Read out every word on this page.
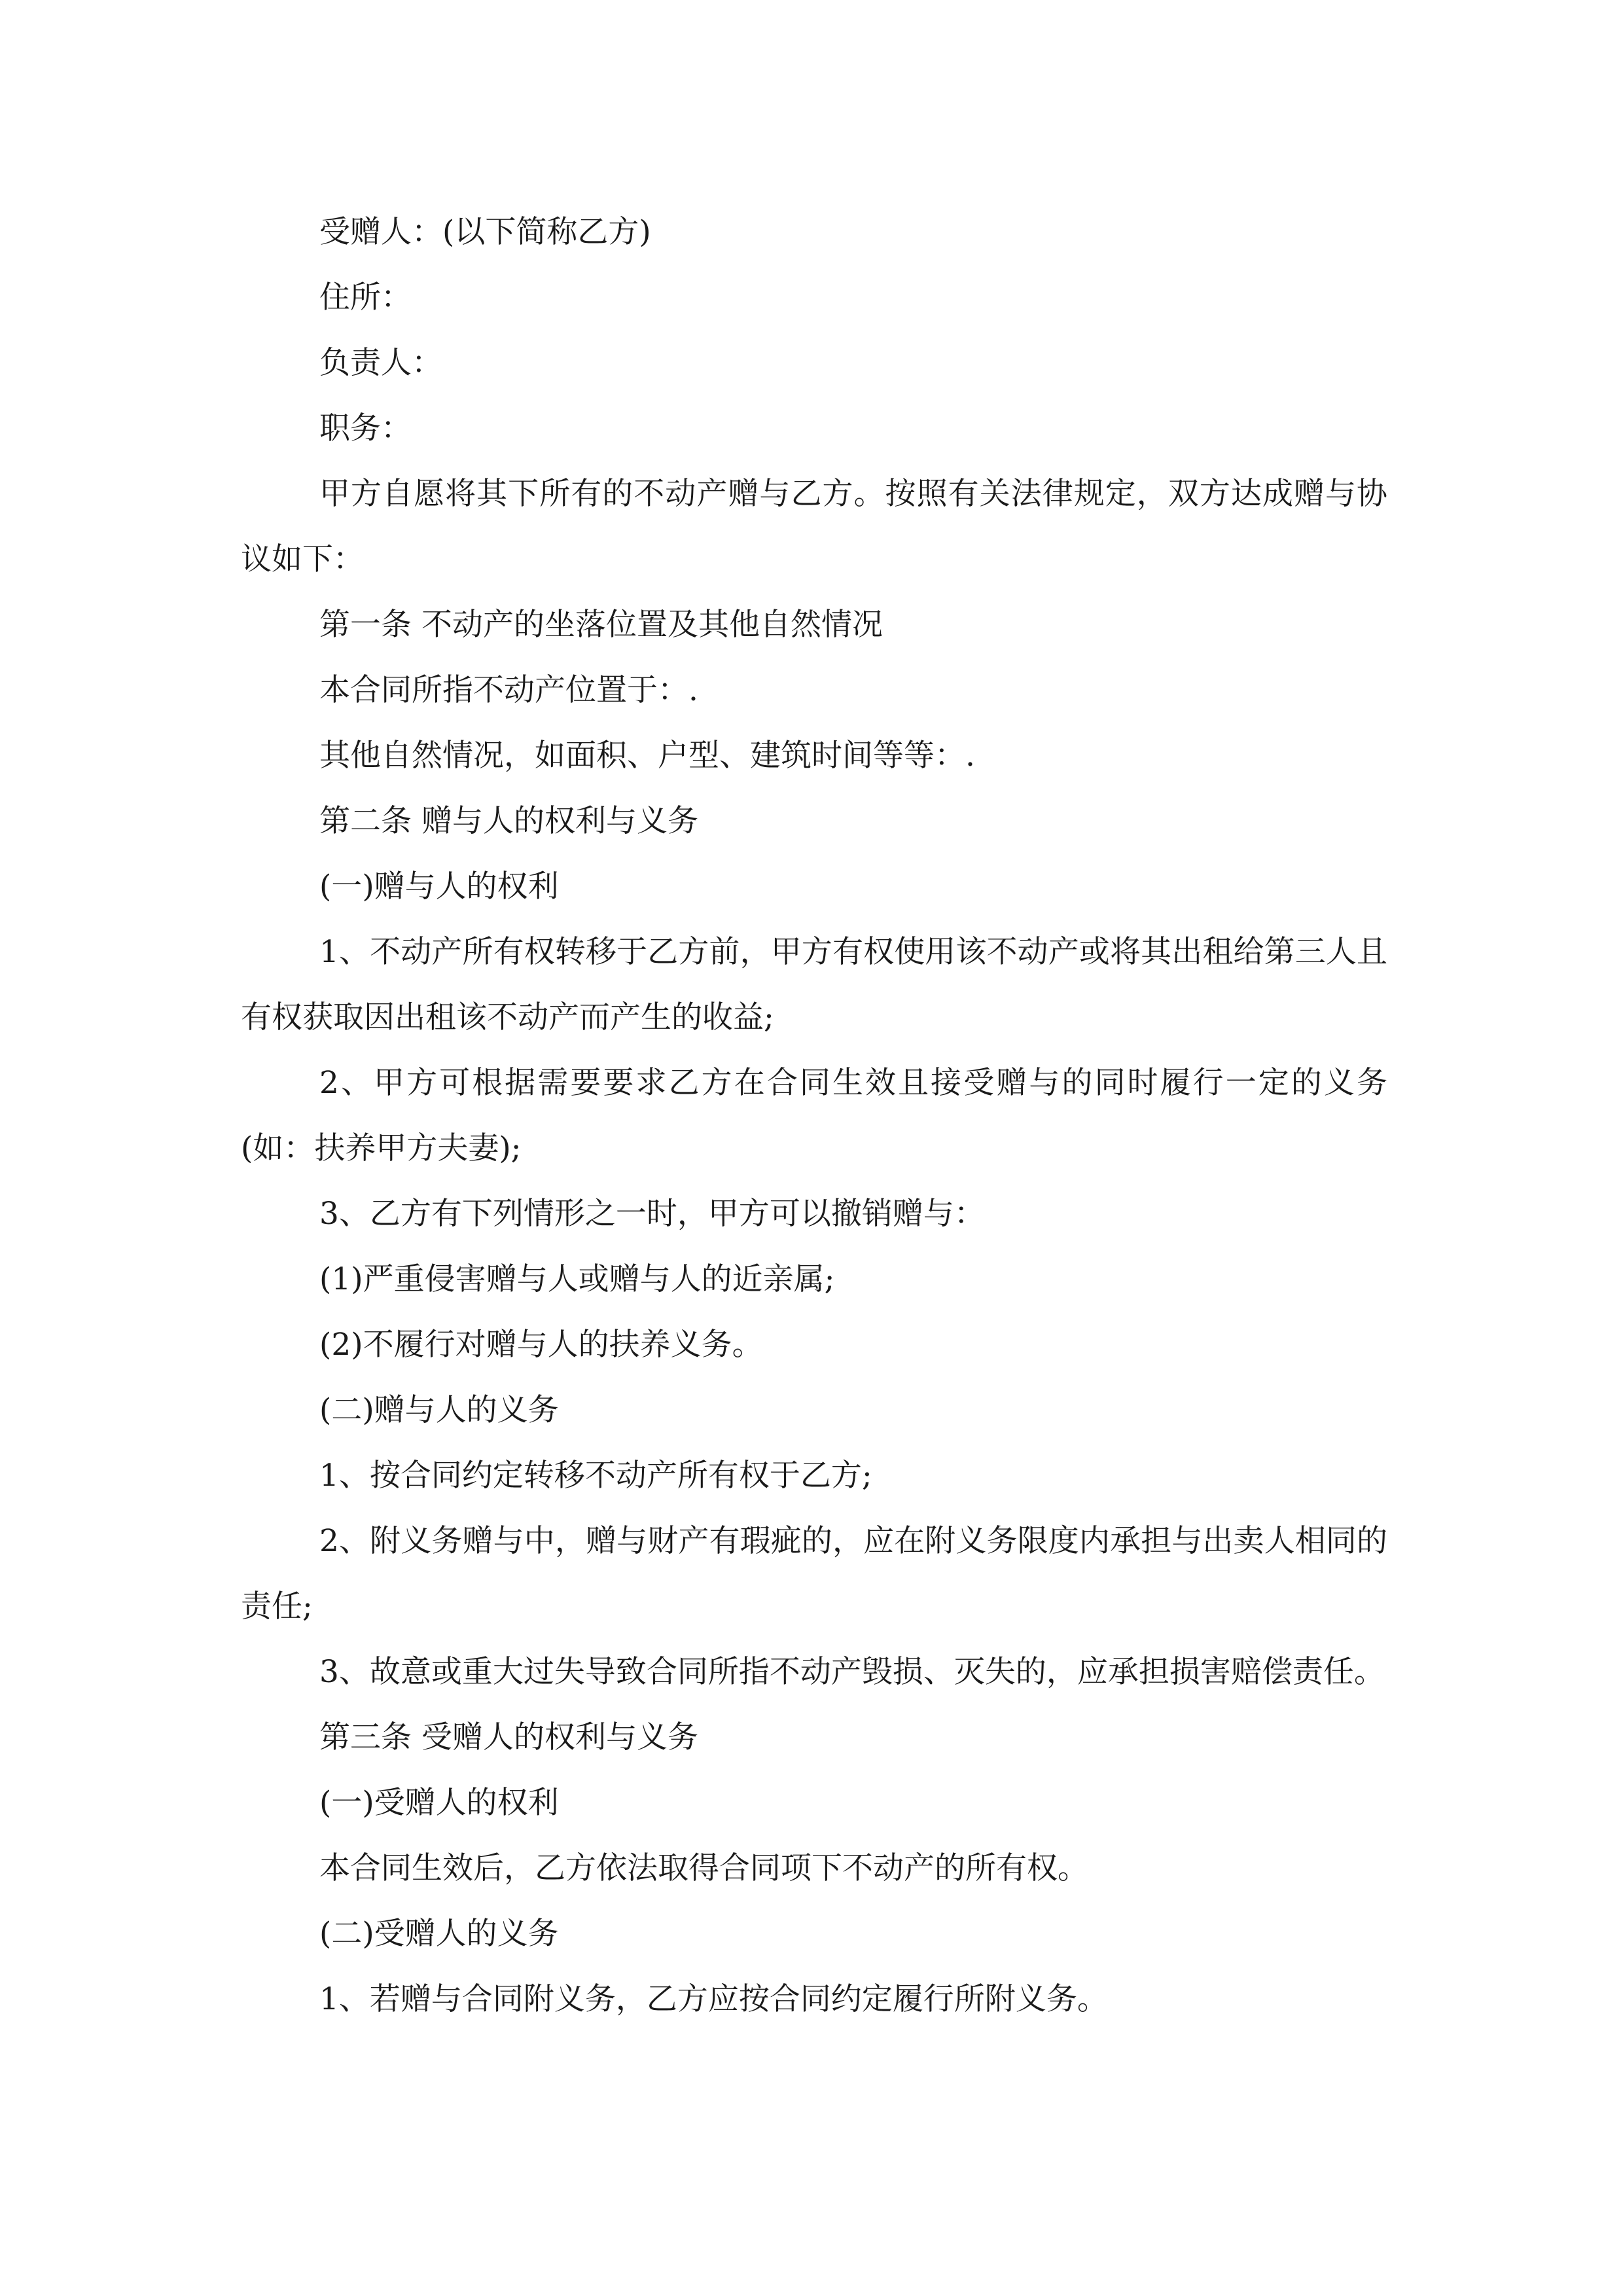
受赠人：(以下简称乙方)

住所：

负责人：

职务：

甲方自愿将其下所有的不动产赠与乙方。按照有关法律规定，双方达成赠与协议如下：

第一条 不动产的坐落位置及其他自然情况

本合同所指不动产位置于：.

其他自然情况，如面积、户型、建筑时间等等：.

第二条 赠与人的权利与义务

(一)赠与人的权利

1、不动产所有权转移于乙方前，甲方有权使用该不动产或将其出租给第三人且有权获取因出租该不动产而产生的收益;

2、甲方可根据需要要求乙方在合同生效且接受赠与的同时履行一定的义务(如：扶养甲方夫妻);

3、乙方有下列情形之一时，甲方可以撤销赠与：

(1)严重侵害赠与人或赠与人的近亲属;

(2)不履行对赠与人的扶养义务。

(二)赠与人的义务

1、按合同约定转移不动产所有权于乙方;

2、附义务赠与中，赠与财产有瑕疵的，应在附义务限度内承担与出卖人相同的责任;

3、故意或重大过失导致合同所指不动产毁损、灭失的，应承担损害赔偿责任。

第三条 受赠人的权利与义务

(一)受赠人的权利

本合同生效后，乙方依法取得合同项下不动产的所有权。

(二)受赠人的义务

1、若赠与合同附义务，乙方应按合同约定履行所附义务。
